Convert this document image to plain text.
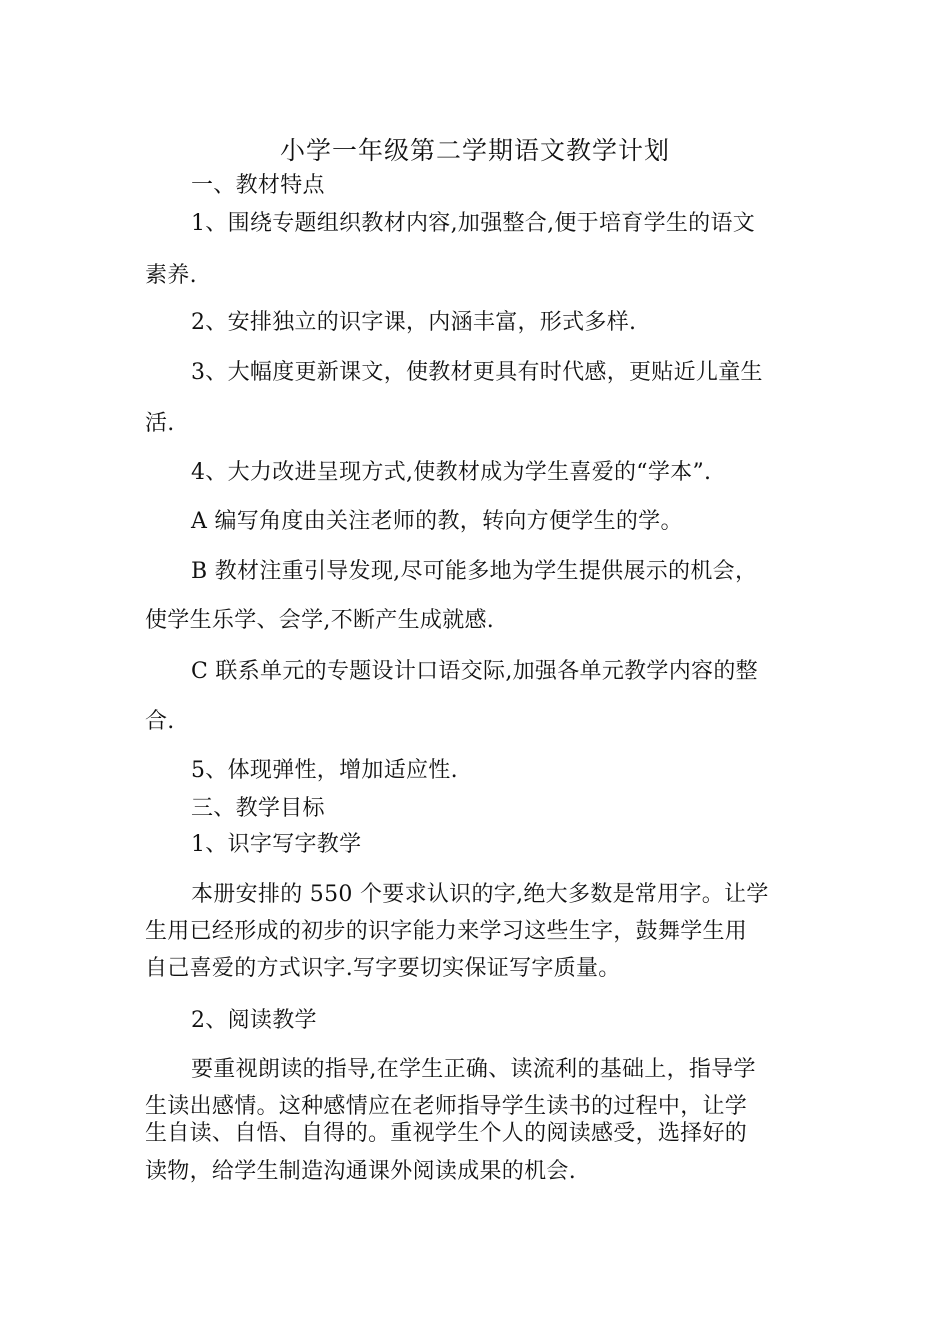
小学一年级第二学期语文教学计划
一、教材特点
1、围绕专题组织教材内容,加强整合,便于培育学生的语文
素养.
2、安排独立的识字课，内涵丰富，形式多样.
3、大幅度更新课文，使教材更具有时代感，更贴近儿童生
活.
4、大力改进呈现方式,使教材成为学生喜爱的“学本”.
A 编写角度由关注老师的教，转向方便学生的学。
B 教材注重引导发现,尽可能多地为学生提供展示的机会，
使学生乐学、会学,不断产生成就感.
C 联系单元的专题设计口语交际,加强各单元教学内容的整
合.
5、体现弹性，增加适应性.
三、教学目标
1、识字写字教学
本册安排的 550 个要求认识的字,绝大多数是常用字。让学
生用已经形成的初步的识字能力来学习这些生字，鼓舞学生用
自己喜爱的方式识字.写字要切实保证写字质量。
2、阅读教学
要重视朗读的指导,在学生正确、读流利的基础上，指导学
生读出感情。这种感情应在老师指导学生读书的过程中，让学
生自读、自悟、自得的。重视学生个人的阅读感受，选择好的
读物，给学生制造沟通课外阅读成果的机会.
